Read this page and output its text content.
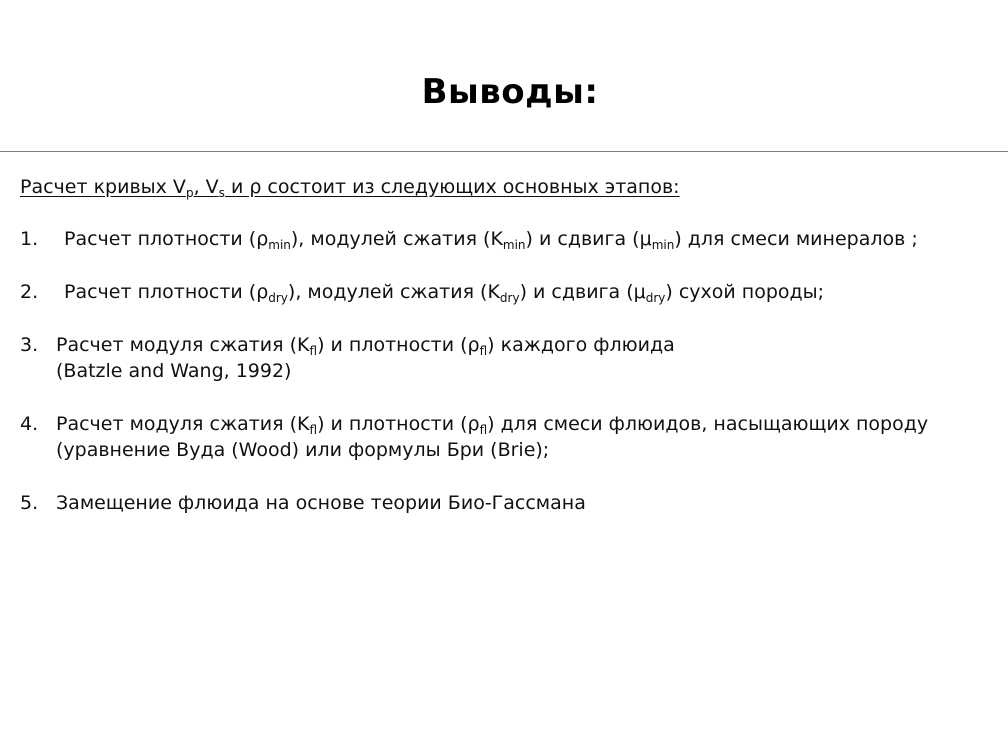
Выводы:
Расчет кривых $V_p$, $V_s$ и ρ состоит из следующих основных этапов:
1. Расчет плотности $(\rho_{min})$, модулей сжатия $(K_{min})$ и сдвига $(\mu_{min})$ для смеси минералов ;
2. Расчет плотности $(\rho_{dry})$, модулей сжатия $(K_{dry})$ и сдвига $(\mu_{dry})$ сухой породы;
3. Расчет модуля сжатия $(K_{fl})$ и плотности $(\rho_{fl})$ каждого флюида
(Batzle and Wang, 1992)
4. Расчет модуля сжатия $(K_{fl})$ и плотности $(\rho_{fl})$ для смеси флюидов, насыщающих породу (уравнение Вуда (Wood) или формулы Бри (Brie);
5. Замещение флюида на основе теории Био-Гассмана
